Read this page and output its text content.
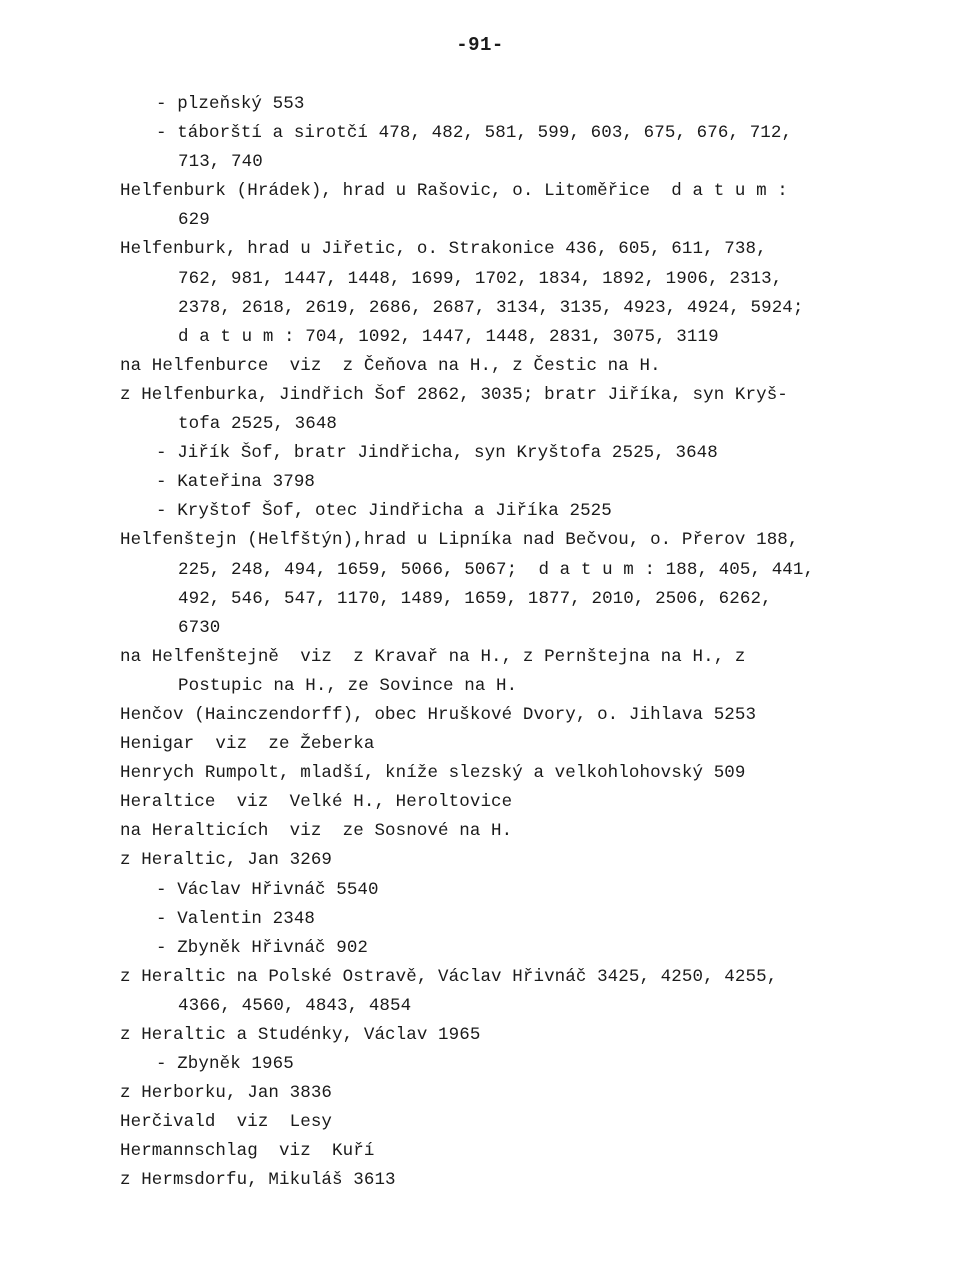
-91-
- plzeňský 553
- táborští a sirotčí 478, 482, 581, 599, 603, 675, 676, 712,
713, 740
Helfenburk (Hrádek), hrad u Rašovic, o. Litoměřice  d a t u m :
629
Helfenburk, hrad u Jiřetic, o. Strakonice 436, 605, 611, 738,
762, 981, 1447, 1448, 1699, 1702, 1834, 1892, 1906, 2313,
2378, 2618, 2619, 2686, 2687, 3134, 3135, 4923, 4924, 5924;
d a t u m : 704, 1092, 1447, 1448, 2831, 3075, 3119
na Helfenburce  viz  z Čeňova na H., z Čestic na H.
z Helfenburka, Jindřich Šof 2862, 3035; bratr Jiříka, syn Kryš-
tofa 2525, 3648
- Jiřík Šof, bratr Jindřicha, syn Kryštofa 2525, 3648
- Kateřina 3798
- Kryštof Šof, otec Jindřicha a Jiříka 2525
Helfenštejn (Helfštýn),hrad u Lipníka nad Bečvou, o. Přerov 188,
225, 248, 494, 1659, 5066, 5067;  d a t u m : 188, 405, 441,
492, 546, 547, 1170, 1489, 1659, 1877, 2010, 2506, 6262,
6730
na Helfenštejně  viz  z Kravař na H., z Pernštejna na H., z
Postupic na H., ze Sovince na H.
Henčov (Hainczendorff), obec Hruškové Dvory, o. Jihlava 5253
Henigar  viz  ze Žeberka
Henrych Rumpolt, mladší, kníže slezský a velkohlohovský 509
Heraltice  viz  Velké H., Heroltovice
na Heralticích  viz  ze Sosnové na H.
z Heraltic, Jan 3269
- Václav Hřivnáč 5540
- Valentin 2348
- Zbyněk Hřivnáč 902
z Heraltic na Polské Ostravě, Václav Hřivnáč 3425, 4250, 4255,
4366, 4560, 4843, 4854
z Heraltic a Studénky, Václav 1965
- Zbyněk 1965
z Herborku, Jan 3836
Herčivald  viz  Lesy
Hermannschlag  viz  Kuří
z Hermsdorfu, Mikuláš 3613
